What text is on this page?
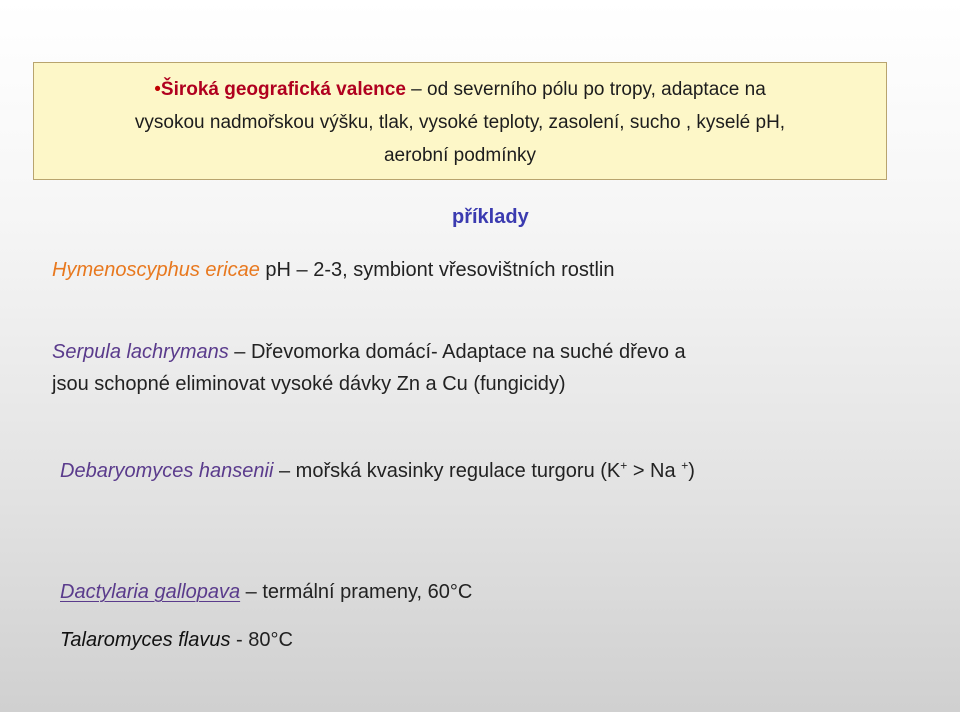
•Široká geografická valence – od severního pólu po tropy, adaptace na
vysokou nadmořskou výšku, tlak, vysoké teploty, zasolení, sucho , kyselé pH,
aerobní podmínky
příklady
Hymenoscyphus ericae pH – 2-3, symbiont vřesovištních rostlin
Serpula lachrymans – Dřevomorka domácí- Adaptace na suché dřevo a
jsou schopné eliminovat vysoké dávky Zn a Cu (fungicidy)
Debaryomyces hansenii – mořská kvasinky regulace turgoru (K+ > Na +)
Dactylaria gallopava – termální prameny, 60°C
Talaromyces flavus - 80°C
